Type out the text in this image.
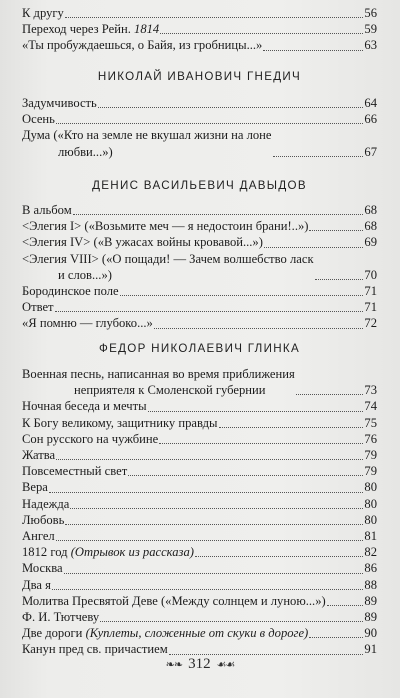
К другу	56
Переход через Рейн. 1814	59
«Ты пробуждаешься, о Байя, из гробницы...»	63
НИКОЛАЙ ИВАНОВИЧ ГНЕДИЧ
Задумчивость	64
Осень	66
Дума («Кто на земле не вкушал жизни на лоне
любви...»)	67
ДЕНИС ВАСИЛЬЕВИЧ ДАВЫДОВ
В альбом	68
<Элегия I> («Возьмите меч — я недостоин брани!..»)	68
<Элегия IV> («В ужасах войны кровавой...»)	69
<Элегия VIII> («О пощади! — Зачем волшебство ласк
и слов...»)	70
Бородинское поле	71
Ответ	71
«Я помню — глубоко...»	72
ФЕДОР НИКОЛАЕВИЧ ГЛИНКА
Военная песнь, написанная во время приближения
неприятеля к Смоленской губернии	73
Ночная беседа и мечты	74
К Богу великому, защитнику правды	75
Сон русского на чужбине	76
Жатва	79
Повсеместный свет	79
Вера	80
Надежда	80
Любовь	80
Ангел	81
1812 год (Отрывок из рассказа)	82
Москва	86
Два я	88
Молитва Пресвятой Деве («Между солнцем и луною...»)	89
Ф. И. Тютчеву	89
Две дороги (Куплеты, сложенные от скуки в дороге)	90
Канун пред св. причастием	91
❧❧ 312 ☙☙
